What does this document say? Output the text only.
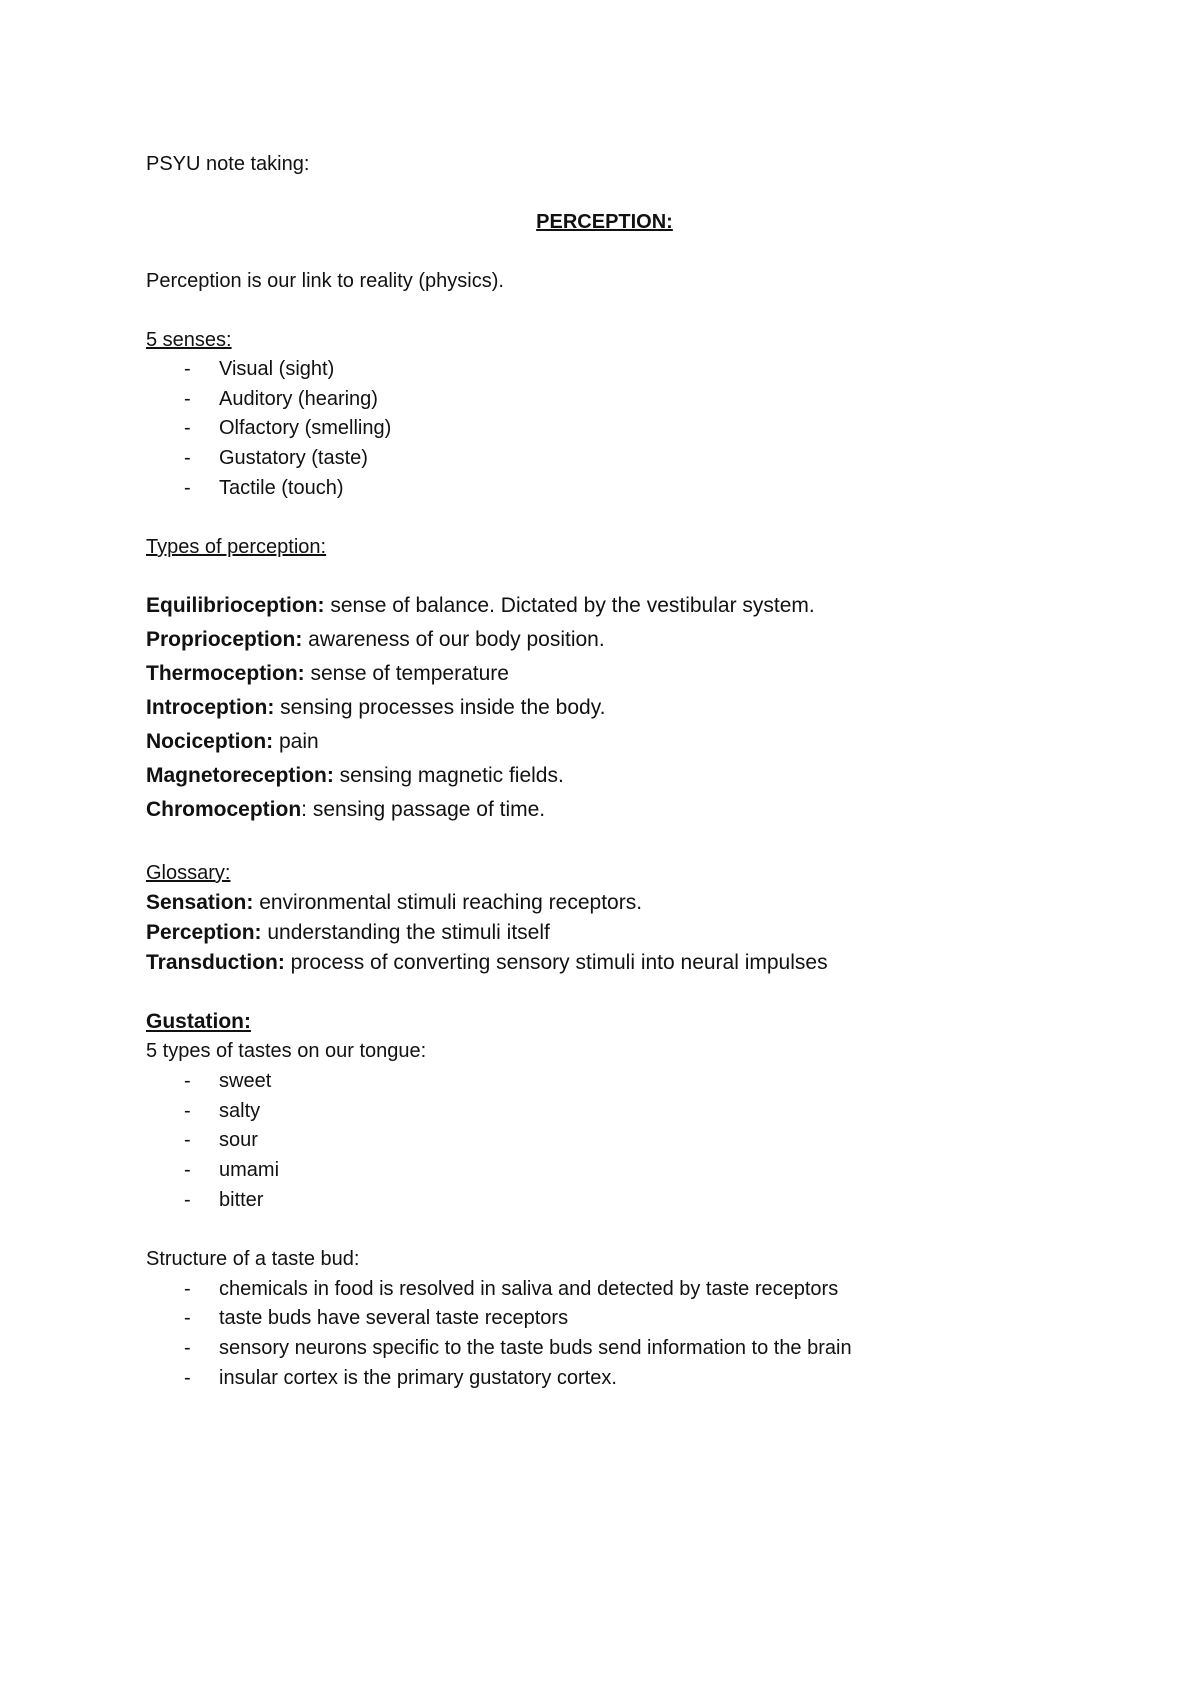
PSYU note taking:
PERCEPTION:
Perception is our link to reality (physics).
5 senses:
- Visual (sight)
- Auditory (hearing)
- Olfactory (smelling)
- Gustatory (taste)
- Tactile (touch)
Types of perception:
Equilibrioception: sense of balance. Dictated by the vestibular system.
Proprioception: awareness of our body position.
Thermoception: sense of temperature
Introception: sensing processes inside the body.
Nociception: pain
Magnetoreception: sensing magnetic fields.
Chromoception: sensing passage of time.
Glossary:
Sensation: environmental stimuli reaching receptors.
Perception: understanding the stimuli itself
Transduction: process of converting sensory stimuli into neural impulses
Gustation:
5 types of tastes on our tongue:
- sweet
- salty
- sour
- umami
- bitter
Structure of a taste bud:
- chemicals in food is resolved in saliva and detected by taste receptors
- taste buds have several taste receptors
- sensory neurons specific to the taste buds send information to the brain
- insular cortex is the primary gustatory cortex.
